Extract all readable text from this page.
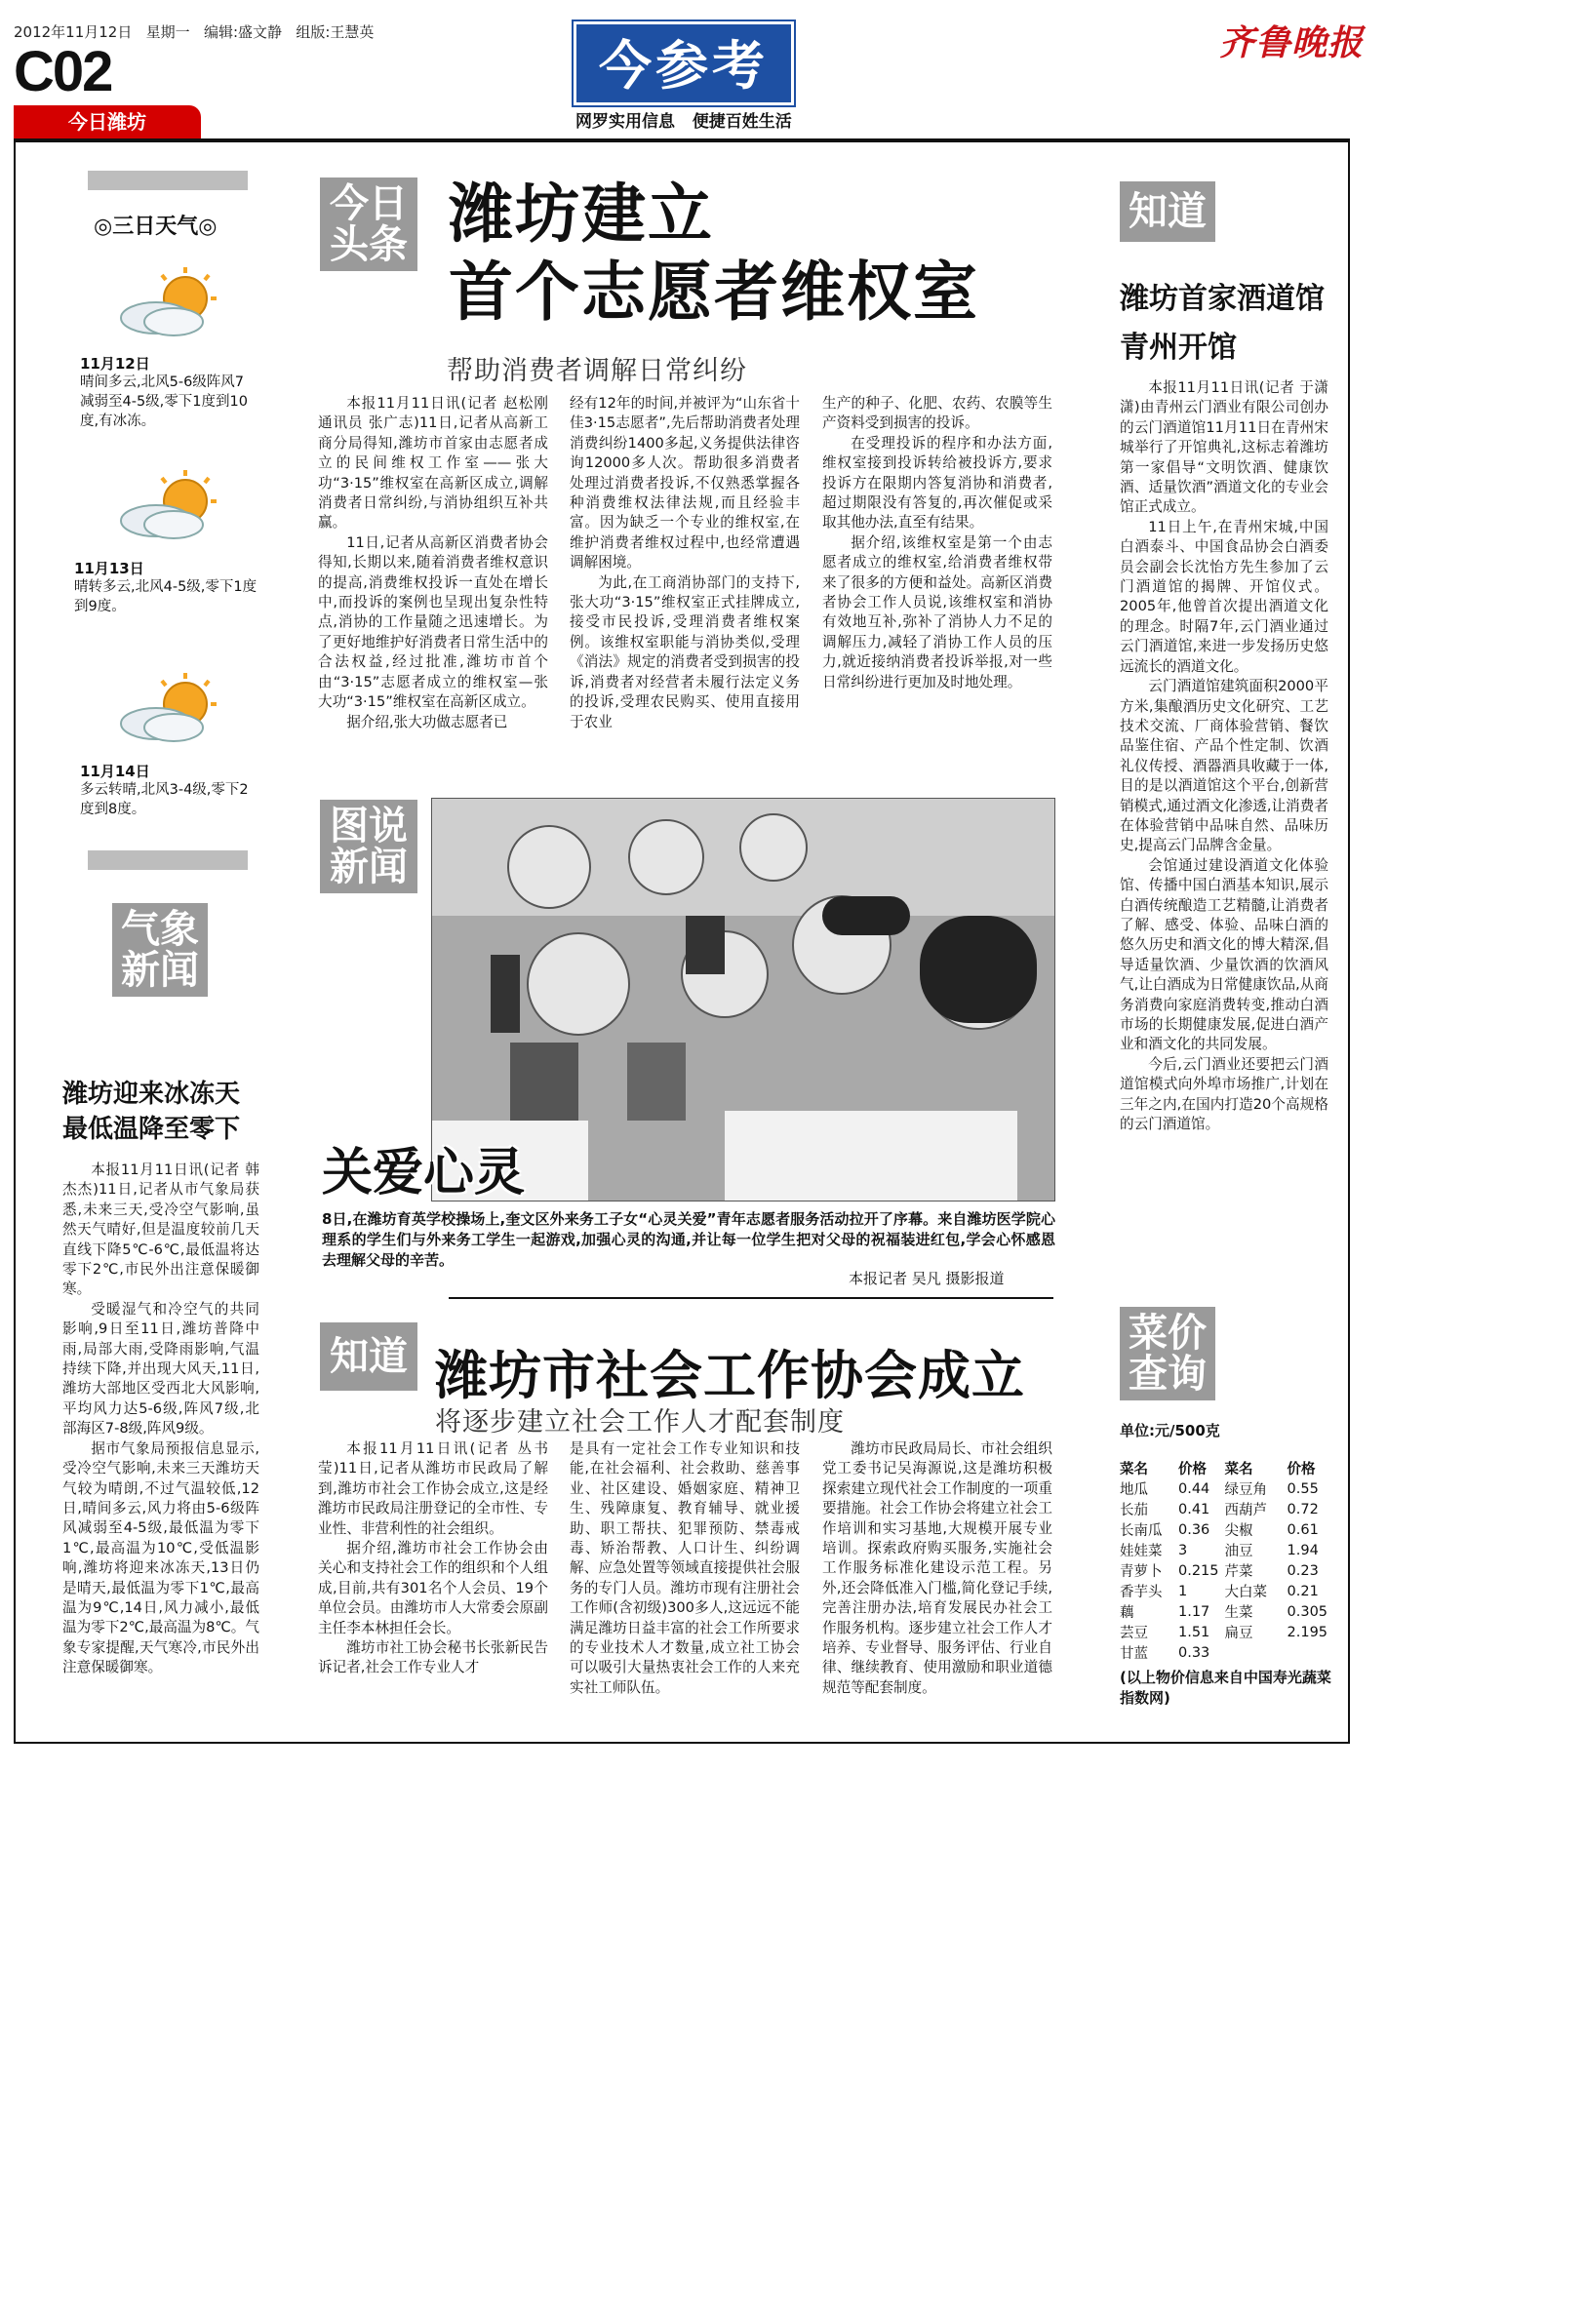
2012年11月12日 星期一 编辑:盛文静 组版:王慧英
C02
今日潍坊
今参考
网罗实用信息 便捷百姓生活
齐鲁晚报
◎三日天气◎
11月12日
晴间多云,北风5-6级阵风7减弱至4-5级,零下1度到10度,有冰冻。
11月13日
晴转多云,北风4-5级,零下1度到9度。
11月14日
多云转晴,北风3-4级,零下2度到8度。
气象
新闻
潍坊迎来冰冻天
最低温降至零下

本报11月11日讯(记者 韩杰杰)11日,记者从市气象局获悉,未来三天,受冷空气影响,虽然天气晴好,但是温度较前几天直线下降5℃-6℃,最低温将达零下2℃,市民外出注意保暖御寒。

受暖湿气和冷空气的共同影响,9日至11日,潍坊普降中雨,局部大雨,受降雨影响,气温持续下降,并出现大风天,11日,潍坊大部地区受西北大风影响,平均风力达5-6级,阵风7级,北部海区7-8级,阵风9级。

据市气象局预报信息显示,受冷空气影响,未来三天潍坊天气较为晴朗,不过气温较低,12日,晴间多云,风力将由5-6级阵风减弱至4-5级,最低温为零下1℃,最高温为10℃,受低温影响,潍坊将迎来冰冻天,13日仍是晴天,最低温为零下1℃,最高温为9℃,14日,风力减小,最低温为零下2℃,最高温为8℃。气象专家提醒,天气寒冷,市民外出注意保暖御寒。

今日
头条 潍坊建立
首个志愿者维权室
帮助消费者调解日常纠纷

本报11月11日讯(记者 赵松刚 通讯员 张广志)11日,记者从高新工商分局得知,潍坊市首家由志愿者成立的民间维权工作室——张大功“3·15”维权室在高新区成立,调解消费者日常纠纷,与消协组织互补共赢。

11日,记者从高新区消费者协会得知,长期以来,随着消费者维权意识的提高,消费维权投诉一直处在增长中,而投诉的案例也呈现出复杂性特点,消协的工作量随之迅速增长。为了更好地维护好消费者日常生活中的合法权益,经过批准,潍坊市首个由“3·15”志愿者成立的维权室—张大功“3·15”维权室在高新区成立。

据介绍,张大功做志愿者已

经有12年的时间,并被评为“山东省十佳3·15志愿者”,先后帮助消费者处理消费纠纷1400多起,义务提供法律咨询12000多人次。帮助很多消费者处理过消费者投诉,不仅熟悉掌握各种消费维权法律法规,而且经验丰富。因为缺乏一个专业的维权室,在维护消费者维权过程中,也经常遭遇调解困境。

为此,在工商消协部门的支持下,张大功“3·15”维权室正式挂牌成立,接受市民投诉,受理消费者维权案例。该维权室职能与消协类似,受理《消法》规定的消费者受到损害的投诉,消费者对经营者未履行法定义务的投诉,受理农民购买、使用直接用于农业

生产的种子、化肥、农药、农膜等生产资料受到损害的投诉。

在受理投诉的程序和办法方面,维权室接到投诉转给被投诉方,要求投诉方在限期内答复消协和消费者,超过期限没有答复的,再次催促或采取其他办法,直至有结果。

据介绍,该维权室是第一个由志愿者成立的维权室,给消费者维权带来了很多的方便和益处。高新区消费者协会工作人员说,该维权室和消协有效地互补,弥补了消协人力不足的调解压力,减轻了消协工作人员的压力,就近接纳消费者投诉举报,对一些日常纠纷进行更加及时地处理。

图说
新闻
关爱心灵
8日,在潍坊育英学校操场上,奎文区外来务工子女“心灵关爱”青年志愿者服务活动拉开了序幕。来自潍坊医学院心理系的学生们与外来务工学生一起游戏,加强心灵的沟通,并让每一位学生把对父母的祝福装进红包,学会心怀感恩去理解父母的辛苦。
本报记者 吴凡 摄影报道
知道 潍坊市社会工作协会成立
将逐步建立社会工作人才配套制度

本报11月11日讯(记者 丛书莹)11日,记者从潍坊市民政局了解到,潍坊市社会工作协会成立,这是经潍坊市民政局注册登记的全市性、专业性、非营利性的社会组织。

据介绍,潍坊市社会工作协会由关心和支持社会工作的组织和个人组成,目前,共有301名个人会员、19个单位会员。由潍坊市人大常委会原副主任李本林担任会长。

潍坊市社工协会秘书长张新民告诉记者,社会工作专业人才

是具有一定社会工作专业知识和技能,在社会福利、社会救助、慈善事业、社区建设、婚姻家庭、精神卫生、残障康复、教育辅导、就业援助、职工帮扶、犯罪预防、禁毒戒毒、矫治帮教、人口计生、纠纷调解、应急处置等领域直接提供社会服务的专门人员。潍坊市现有注册社会工作师(含初级)300多人,这远远不能满足潍坊日益丰富的社会工作所要求的专业技术人才数量,成立社工协会可以吸引大量热衷社会工作的人来充实社工师队伍。

潍坊市民政局局长、市社会组织党工委书记吴海源说,这是潍坊积极探索建立现代社会工作制度的一项重要措施。社会工作协会将建立社会工作培训和实习基地,大规模开展专业培训。探索政府购买服务,实施社会工作服务标准化建设示范工程。另外,还会降低准入门槛,简化登记手续,完善注册办法,培育发展民办社会工作服务机构。逐步建立社会工作人才培养、专业督导、服务评估、行业自律、继续教育、使用激励和职业道德规范等配套制度。

知道
潍坊首家酒道馆
青州开馆

本报11月11日讯(记者 于潇潇)由青州云门酒业有限公司创办的云门酒道馆11月11日在青州宋城举行了开馆典礼,这标志着潍坊第一家倡导“文明饮酒、健康饮酒、适量饮酒”酒道文化的专业会馆正式成立。

11日上午,在青州宋城,中国白酒泰斗、中国食品协会白酒委员会副会长沈怡方先生参加了云门酒道馆的揭牌、开馆仪式。2005年,他曾首次提出酒道文化的理念。时隔7年,云门酒业通过云门酒道馆,来进一步发扬历史悠远流长的酒道文化。

云门酒道馆建筑面积2000平方米,集酿酒历史文化研究、工艺技术交流、厂商体验营销、餐饮品鉴住宿、产品个性定制、饮酒礼仪传授、酒器酒具收藏于一体,目的是以酒道馆这个平台,创新营销模式,通过酒文化渗透,让消费者在体验营销中品味自然、品味历史,提高云门品牌含金量。

会馆通过建设酒道文化体验馆、传播中国白酒基本知识,展示白酒传统酿造工艺精髓,让消费者了解、感受、体验、品味白酒的悠久历史和酒文化的博大精深,倡导适量饮酒、少量饮酒的饮酒风气,让白酒成为日常健康饮品,从商务消费向家庭消费转变,推动白酒市场的长期健康发展,促进白酒产业和酒文化的共同发展。

今后,云门酒业还要把云门酒道馆模式向外埠市场推广,计划在三年之内,在国内打造20个高规格的云门酒道馆。

菜价
查询
单位:元/500克
菜名	价格	菜名	价格
地瓜	0.44	绿豆角	0.55
长茄	0.41	西葫芦	0.72
长南瓜	0.36	尖椒	0.61
娃娃菜	3	油豆	1.94
青萝卜	0.215	芹菜	0.23
香芋头	1	大白菜	0.21
藕	1.17	生菜	0.305
芸豆	1.51	扁豆	2.195
甘蓝	0.33		
(以上物价信息来自中国寿光蔬菜指数网)
